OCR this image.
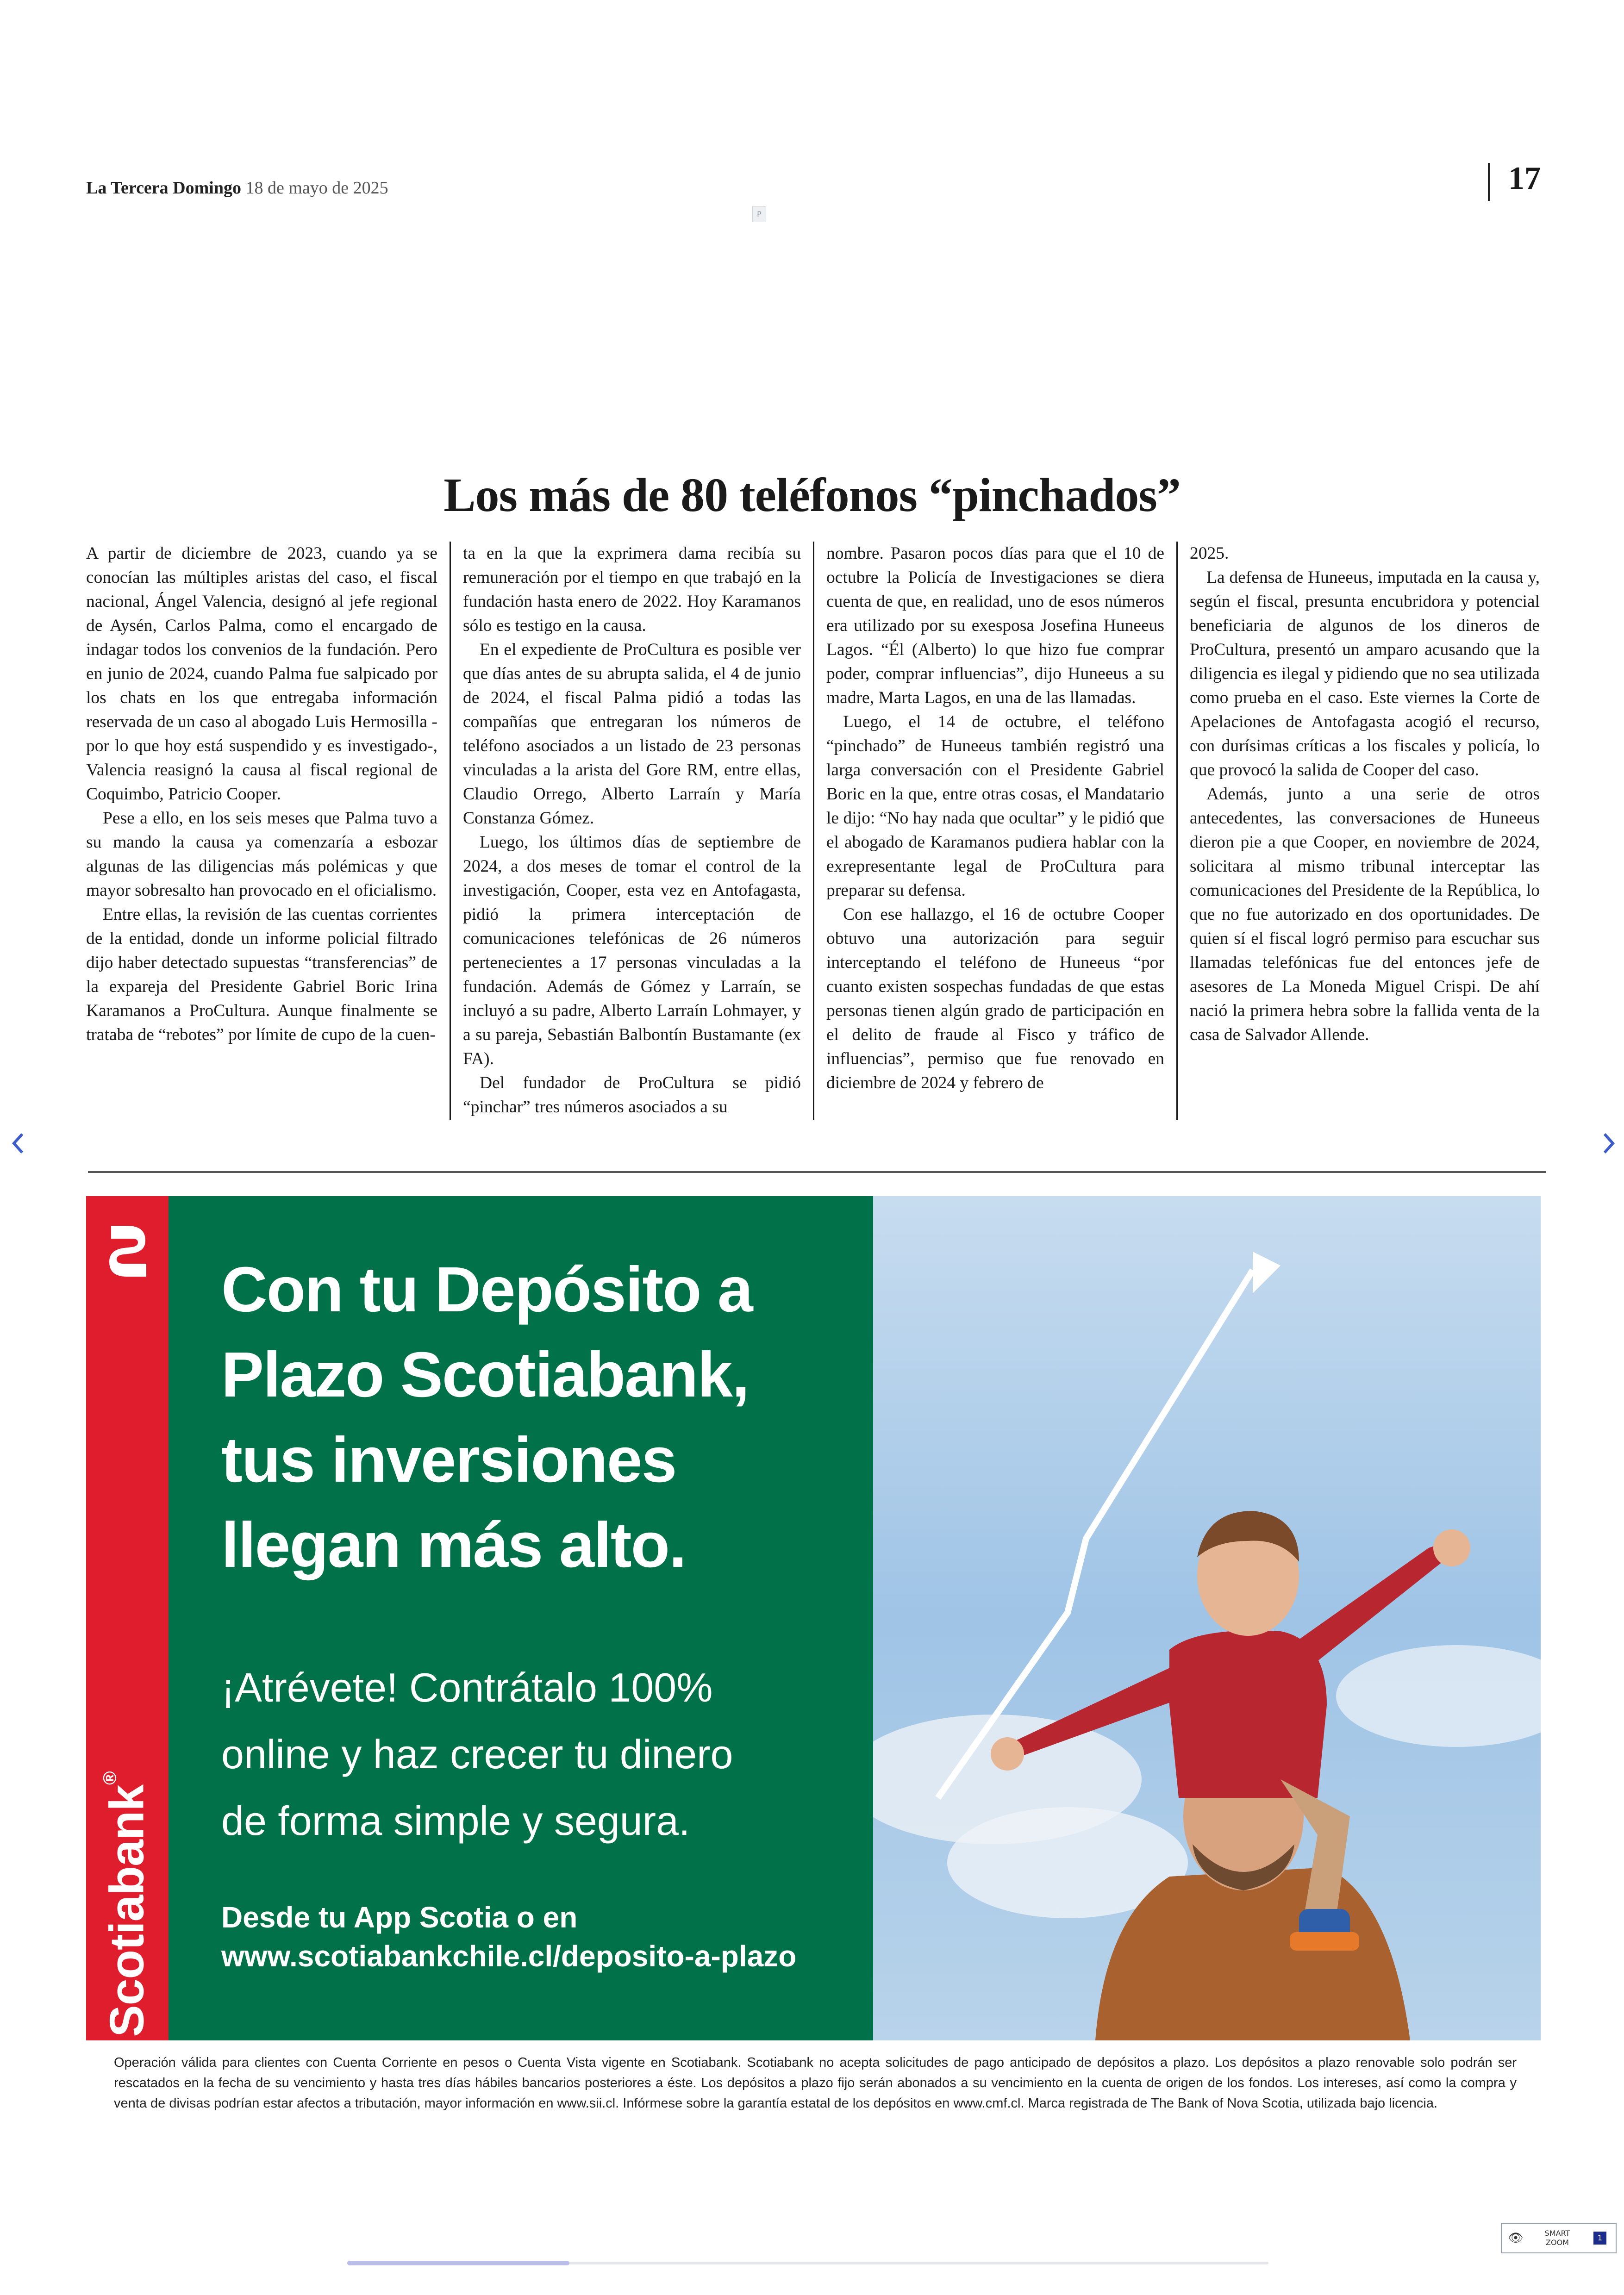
La Tercera Domingo 18 de mayo de 2025	17
P
Los más de 80 teléfonos “pinchados”

A partir de diciembre de 2023, cuando ya se conocían las múltiples aristas del caso, el fiscal nacional, Ángel Valencia, designó al jefe regional de Aysén, Carlos Palma, como el encargado de indagar todos los convenios de la fundación. Pero en junio de 2024, cuando Palma fue salpicado por los chats en los que entregaba información reservada de un caso al abogado Luis Hermosilla -por lo que hoy está suspendido y es investigado-, Valencia reasignó la causa al fiscal regional de Coquimbo, Patricio Cooper.

Pese a ello, en los seis meses que Palma tuvo a su mando la causa ya comenzaría a esbozar algunas de las diligencias más polémicas y que mayor sobresalto han provocado en el oficialismo.

Entre ellas, la revisión de las cuentas corrientes de la entidad, donde un informe policial filtrado dijo haber detectado supuestas “transferencias” de la expareja del Presidente Gabriel Boric Irina Karamanos a ProCultura. Aunque finalmente se trataba de “rebotes” por límite de cupo de la cuen-

ta en la que la exprimera dama recibía su remuneración por el tiempo en que trabajó en la fundación hasta enero de 2022. Hoy Karamanos sólo es testigo en la causa.

En el expediente de ProCultura es posible ver que días antes de su abrupta salida, el 4 de junio de 2024, el fiscal Palma pidió a todas las compañías que entregaran los números de teléfono asociados a un listado de 23 personas vinculadas a la arista del Gore RM, entre ellas, Claudio Orrego, Alberto Larraín y María Constanza Gómez.

Luego, los últimos días de septiembre de 2024, a dos meses de tomar el control de la investigación, Cooper, esta vez en Antofagasta, pidió la primera interceptación de comunicaciones telefónicas de 26 números pertenecientes a 17 personas vinculadas a la fundación. Además de Gómez y Larraín, se incluyó a su padre, Alberto Larraín Lohmayer, y a su pareja, Sebastián Balbontín Bustamante (ex FA).

Del fundador de ProCultura se pidió “pinchar” tres números asociados a su

nombre. Pasaron pocos días para que el 10 de octubre la Policía de Investigaciones se diera cuenta de que, en realidad, uno de esos números era utilizado por su exesposa Josefina Huneeus Lagos. “Él (Alberto) lo que hizo fue comprar poder, comprar influencias”, dijo Huneeus a su madre, Marta Lagos, en una de las llamadas.

Luego, el 14 de octubre, el teléfono “pinchado” de Huneeus también registró una larga conversación con el Presidente Gabriel Boric en la que, entre otras cosas, el Mandatario le dijo: “No hay nada que ocultar” y le pidió que el abogado de Karamanos pudiera hablar con la exrepresentante legal de ProCultura para preparar su defensa.

Con ese hallazgo, el 16 de octubre Cooper obtuvo una autorización para seguir interceptando el teléfono de Huneeus “por cuanto existen sospechas fundadas de que estas personas tienen algún grado de participación en el delito de fraude al Fisco y tráfico de influencias”, permiso que fue renovado en diciembre de 2024 y febrero de

2025.

La defensa de Huneeus, imputada en la causa y, según el fiscal, presunta encubridora y potencial beneficiaria de algunos de los dineros de ProCultura, presentó un amparo acusando que la diligencia es ilegal y pidiendo que no sea utilizada como prueba en el caso. Este viernes la Corte de Apelaciones de Antofagasta acogió el recurso, con durísimas críticas a los fiscales y policía, lo que provocó la salida de Cooper del caso.

Además, junto a una serie de otros antecedentes, las conversaciones de Huneeus dieron pie a que Cooper, en noviembre de 2024, solicitara al mismo tribunal interceptar las comunicaciones del Presidente de la República, lo que no fue autorizado en dos oportunidades. De quien sí el fiscal logró permiso para escuchar sus llamadas telefónicas fue del entonces jefe de asesores de La Moneda Miguel Crispi. De ahí nació la primera hebra sobre la fallida venta de la casa de Salvador Allende.

Scotiabank®
Con tu Depósito a
Plazo Scotiabank,
tus inversiones
llegan más alto.
¡Atrévete! Contrátalo 100%
online y haz crecer tu dinero
de forma simple y segura.
Desde tu App Scotia o en
www.scotiabankchile.cl/deposito-a-plazo
Operación válida para clientes con Cuenta Corriente en pesos o Cuenta Vista vigente en Scotiabank. Scotiabank no acepta solicitudes de pago anticipado de depósitos a plazo. Los depósitos a plazo renovable solo podrán ser rescatados en la fecha de su vencimiento y hasta tres días hábiles bancarios posteriores a éste. Los depósitos a plazo fijo serán abonados a su vencimiento en la cuenta de origen de los fondos. Los intereses, así como la compra y venta de divisas podrían estar afectos a tributación, mayor información en www.sii.cl. Infórmese sobre la garantía estatal de los depósitos en www.cmf.cl. Marca registrada de The Bank of Nova Scotia, utilizada bajo licencia.
👁	SMART
ZOOM
1
